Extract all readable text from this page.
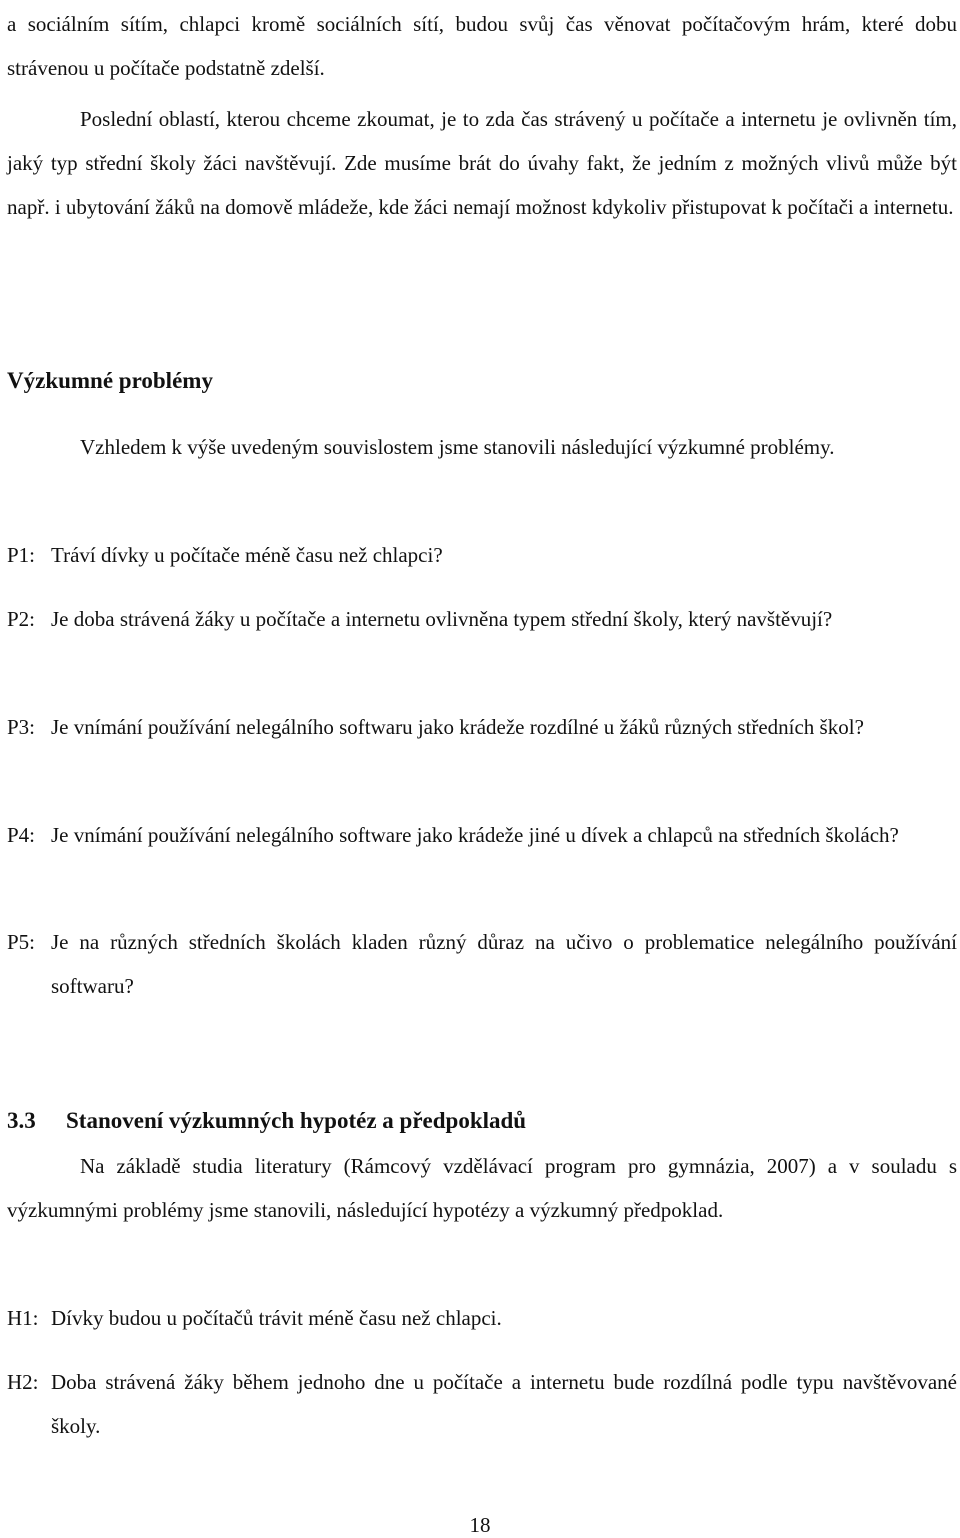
a sociálním sítím, chlapci kromě sociálních sítí, budou svůj čas věnovat počítačovým hrám, které dobu strávenou u počítače podstatně zdelší.

Poslední oblastí, kterou chceme zkoumat, je to zda čas strávený u počítače a internetu je ovlivněn tím, jaký typ střední školy žáci navštěvují. Zde musíme brát do úvahy fakt, že jedním z možných vlivů může být např. i ubytování žáků na domově mládeže, kde žáci nemají možnost kdykoliv přistupovat k počítači a internetu.

Výzkumné problémy

Vzhledem k výše uvedeným souvislostem jsme stanovili následující výzkumné problémy.

P1: Tráví dívky u počítače méně času než chlapci?

P2: Je doba strávená žáky u počítače a internetu ovlivněna typem střední školy, který navštěvují?

P3: Je vnímání používání nelegálního softwaru jako krádeže rozdílné u žáků různých středních škol?

P4: Je vnímání používání nelegálního software jako krádeže jiné u dívek a chlapců na středních školách?

P5: Je na různých středních školách kladen různý důraz na učivo o problematice nelegálního používání softwaru?

3.3 Stanovení výzkumných hypotéz a předpokladů

Na základě studia literatury (Rámcový vzdělávací program pro gymnázia, 2007) a v souladu s výzkumnými problémy jsme stanovili, následující hypotézy a výzkumný předpoklad.

H1: Dívky budou u počítačů trávit méně času než chlapci.

H2: Doba strávená žáky během jednoho dne u počítače a internetu bude rozdílná podle typu navštěvované školy.

18
